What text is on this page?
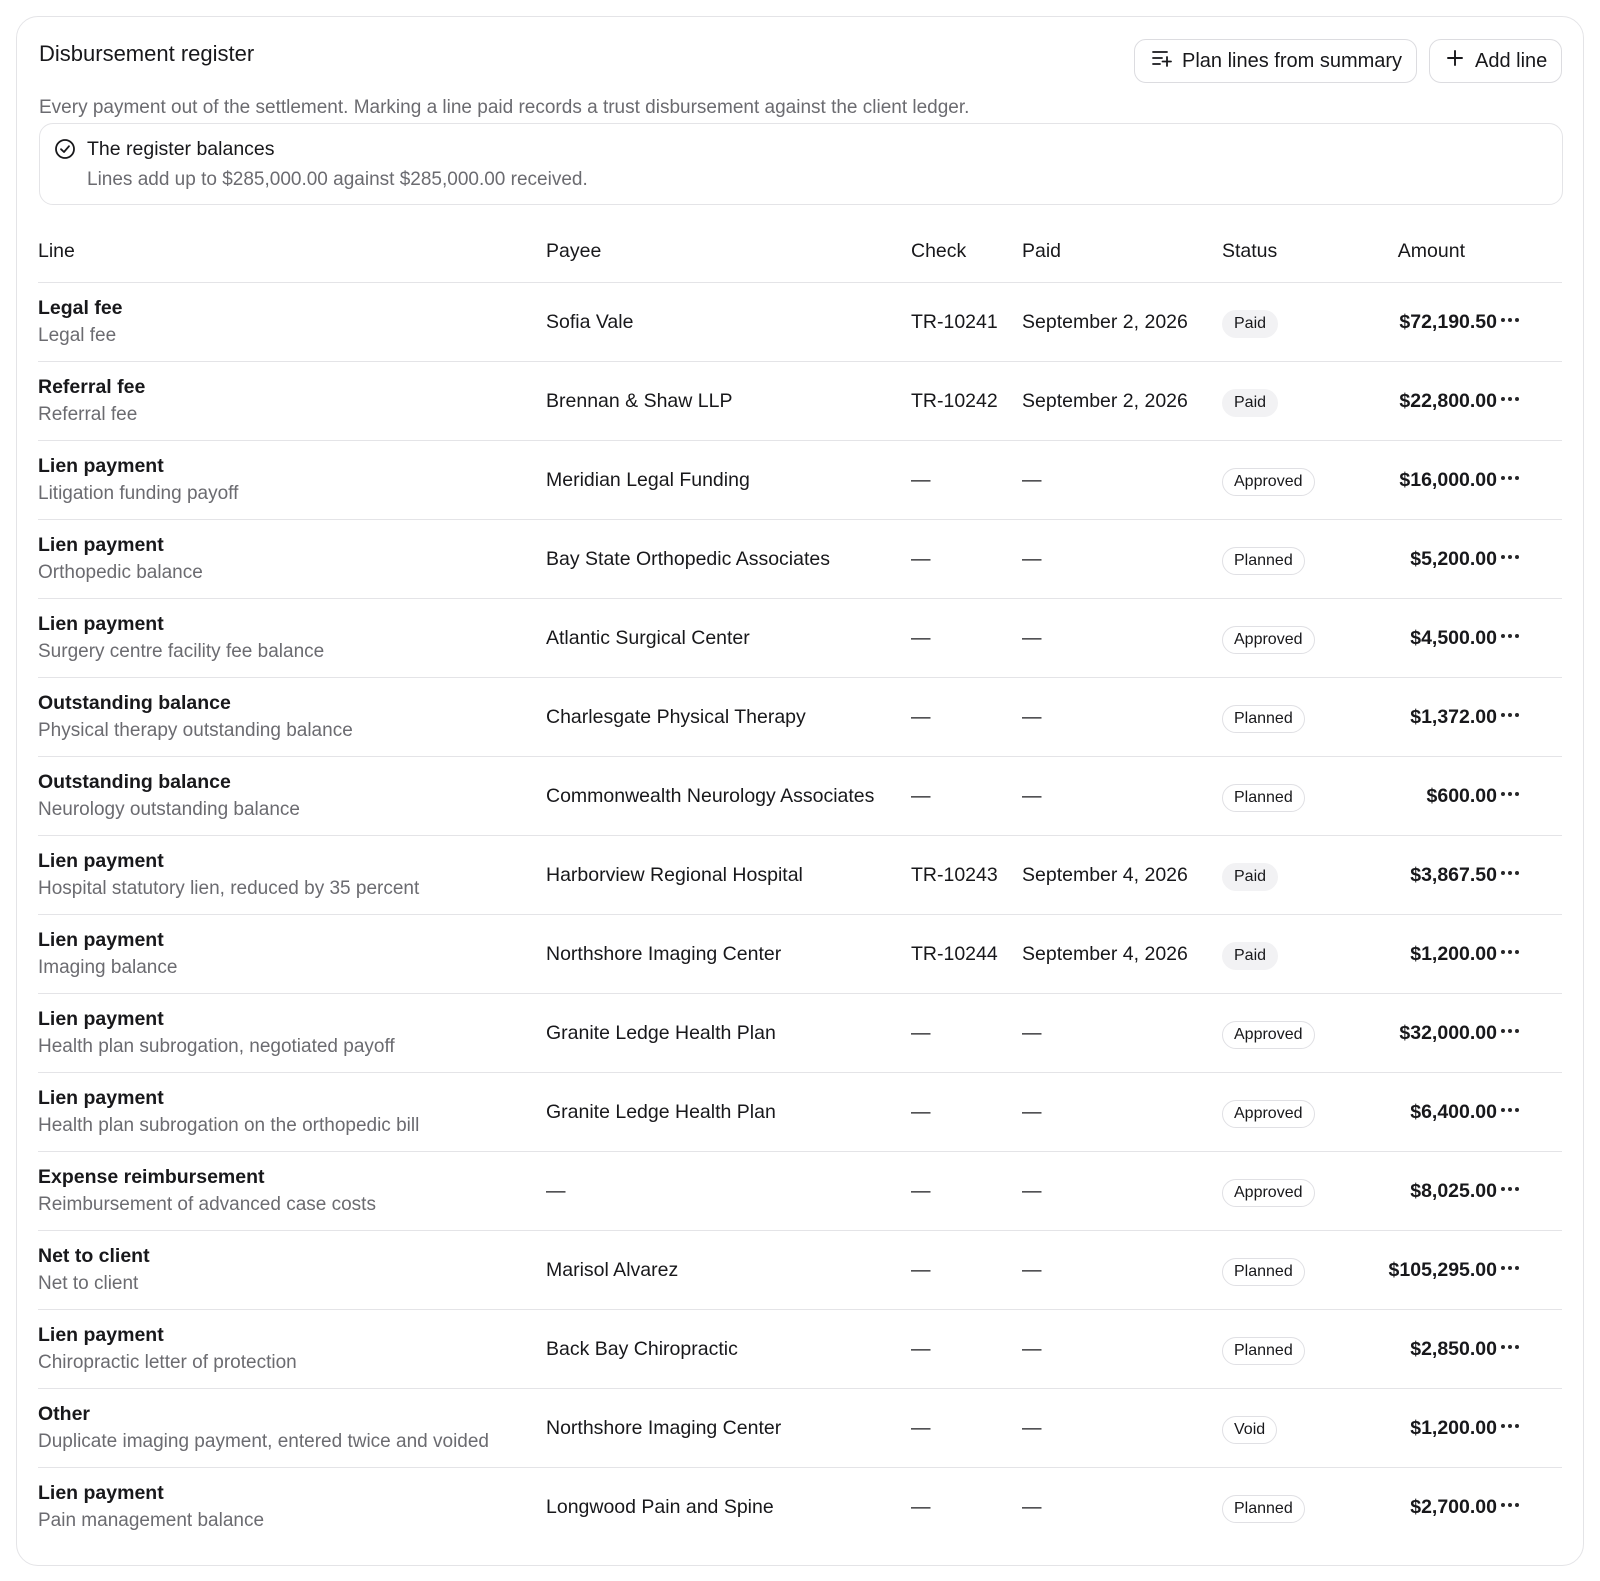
Disbursement register
Every payment out of the settlement. Marking a line paid records a trust disbursement against the client ledger.
Plan lines from summary	Add line
The register balances
Lines add up to $285,000.00 against $285,000.00 received.
Line	Payee	Check	Paid	Status	Amount
Legal fee
Legal fee
Sofia Vale	TR-10241 September 2, 2026	Paid	$72,190.50
Referral fee
Referral fee
Brennan & Shaw LLP	TR-10242 September 2, 2026	Paid	$22,800.00
Lien payment
Litigation funding payoff
Meridian Legal Funding	—	—	Approved	$16,000.00
Lien payment
Orthopedic balance
Bay State Orthopedic Associates	—	—	Planned	$5,200.00
Lien payment
Surgery centre facility fee balance
Atlantic Surgical Center	—	—	Approved	$4,500.00
Outstanding balance
Physical therapy outstanding balance
Charlesgate Physical Therapy	—	—	Planned	$1,372.00
Outstanding balance
Neurology outstanding balance
Commonwealth Neurology Associates —	—	Planned	$600.00
Lien payment
Hospital statutory lien, reduced by 35 percent
Harborview Regional Hospital	TR-10243 September 4, 2026	Paid	$3,867.50
Lien payment
Imaging balance
Northshore Imaging Center	TR-10244 September 4, 2026	Paid	$1,200.00
Lien payment
Health plan subrogation, negotiated payoff
Granite Ledge Health Plan	—	—	Approved	$32,000.00
Lien payment
Health plan subrogation on the orthopedic bill
Granite Ledge Health Plan	—	—	Approved	$6,400.00
Expense reimbursement
Reimbursement of advanced case costs
—	—	—	Approved	$8,025.00
Net to client
Net to client
Marisol Alvarez	—	—	Planned	$105,295.00
Lien payment
Chiropractic letter of protection
Back Bay Chiropractic	—	—	Planned	$2,850.00
Other
Duplicate imaging payment, entered twice and voided
Northshore Imaging Center	—	—	Void	$1,200.00
Lien payment
Pain management balance
Longwood Pain and Spine	—	—	Planned	$2,700.00
